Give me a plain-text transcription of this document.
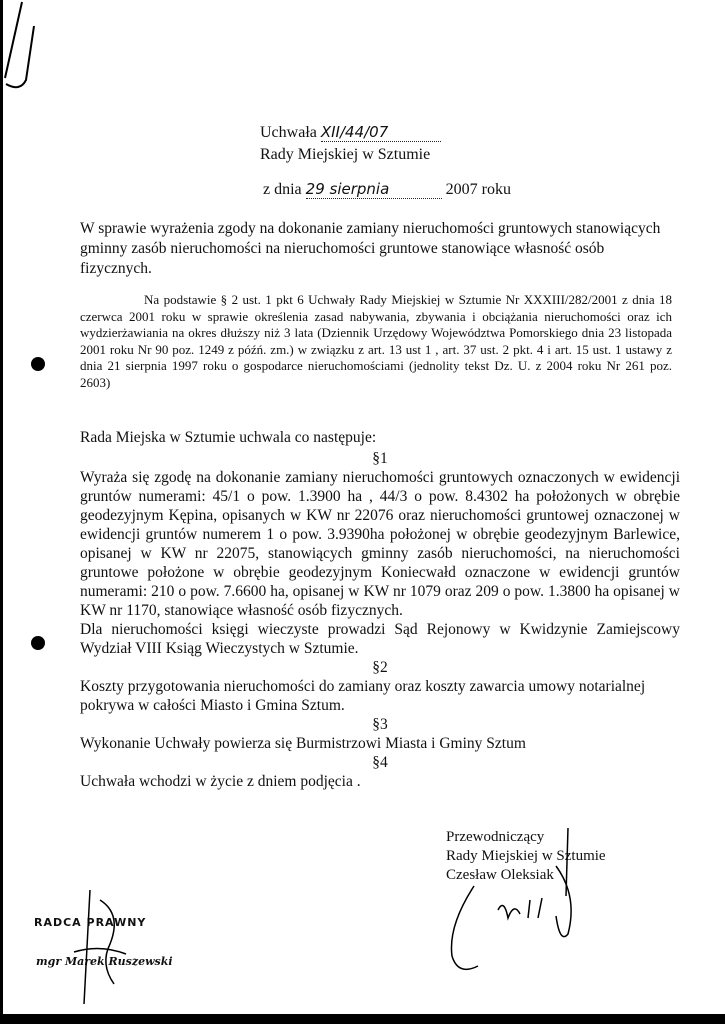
Uchwała XII/44/07
Rady Miejskiej w Sztumie
z dnia 29 sierpnia	2007 roku
W sprawie wyrażenia zgody na dokonanie zamiany nieruchomości gruntowych stanowiących gminny zasób nieruchomości na nieruchomości gruntowe stanowiące własność osób fizycznych.
Na podstawie § 2 ust. 1 pkt 6 Uchwały Rady Miejskiej w Sztumie Nr XXXIII/282/2001 z dnia 18 czerwca 2001 roku w sprawie określenia zasad nabywania, zbywania i obciążania nieruchomości oraz ich wydzierżawiania na okres dłuższy niż 3 lata (Dziennik Urzędowy Województwa Pomorskiego dnia 23 listopada 2001 roku Nr 90 poz. 1249 z późń. zm.) w związku z art. 13 ust 1 , art. 37 ust. 2 pkt. 4 i art. 15 ust. 1 ustawy z dnia 21 sierpnia 1997 roku o gospodarce nieruchomościami (jednolity tekst Dz. U. z 2004 roku Nr 261 poz. 2603)

Rada Miejska w Sztumie uchwala co następuje:

§1

Wyraża się zgodę na dokonanie zamiany nieruchomości gruntowych oznaczonych w ewidencji gruntów numerami: 45/1 o pow. 1.3900 ha , 44/3 o pow. 8.4302 ha położonych w obrębie geodezyjnym Kępina, opisanych w KW nr 22076 oraz nieruchomości gruntowej oznaczonej w ewidencji gruntów numerem 1 o pow. 3.9390ha położonej w obrębie geodezyjnym Barlewice, opisanej w KW nr 22075, stanowiących gminny zasób nieruchomości, na nieruchomości gruntowe położone w obrębie geodezyjnym Koniecwałd oznaczone w ewidencji gruntów numerami: 210 o pow. 7.6600 ha, opisanej w KW nr 1079 oraz 209 o pow. 1.3800 ha opisanej w KW nr 1170, stanowiące własność osób fizycznych.

Dla nieruchomości księgi wieczyste prowadzi Sąd Rejonowy w Kwidzynie Zamiejscowy Wydział VIII Ksiąg Wieczystych w Sztumie.

§2

Koszty przygotowania nieruchomości do zamiany oraz koszty zawarcia umowy notarialnej pokrywa w całości Miasto i Gmina Sztum.

§3

Wykonanie Uchwały powierza się Burmistrzowi Miasta i Gminy Sztum

§4

Uchwała wchodzi w życie z dniem podjęcia .

Przewodniczący
Rady Miejskiej w Sztumie
Czesław Oleksiak
RADCA PRAWNY
mgr Marek Ruszewski
